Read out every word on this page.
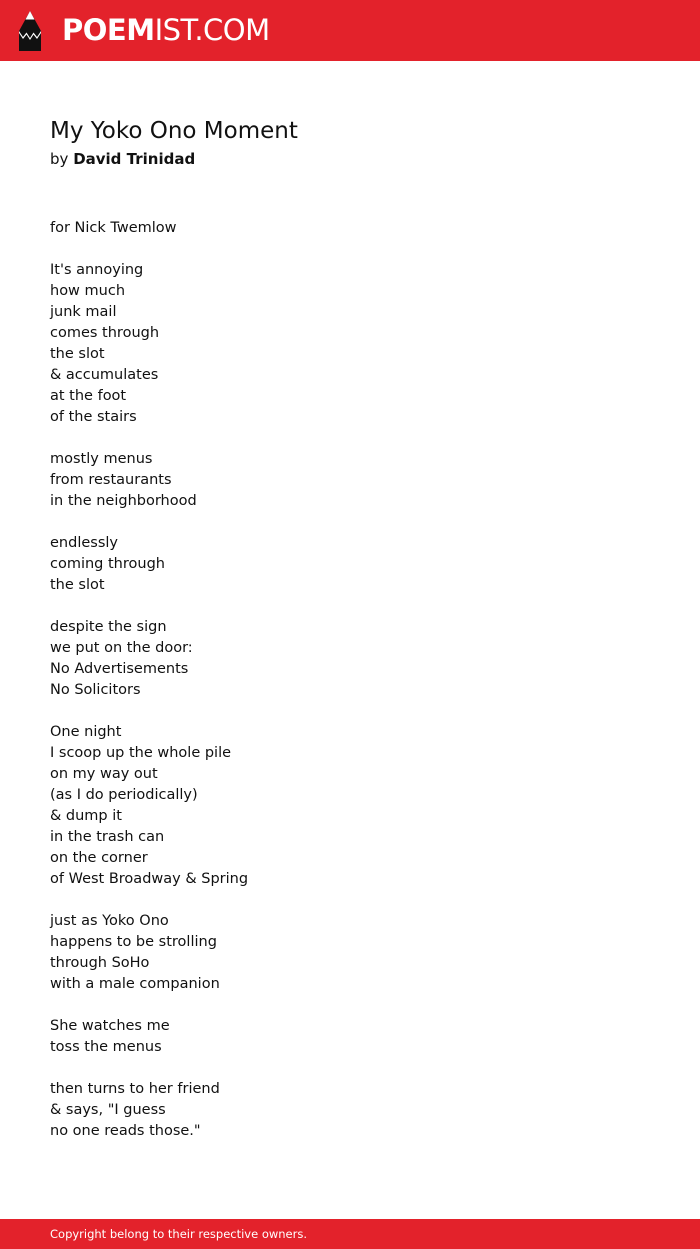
POEMIST.COM
My Yoko Ono Moment
by David Trinidad

for Nick Twemlow

It's annoying
how much
junk mail
comes through
the slot
& accumulates
at the foot
of the stairs

mostly menus
from restaurants
in the neighborhood

endlessly
coming through
the slot

despite the sign
we put on the door:
No Advertisements
No Solicitors

One night
I scoop up the whole pile
on my way out
(as I do periodically)
& dump it
in the trash can
on the corner
of West Broadway & Spring

just as Yoko Ono
happens to be strolling
through SoHo
with a male companion

She watches me
toss the menus

then turns to her friend
& says, "I guess
no one reads those."

Copyright belong to their respective owners.
